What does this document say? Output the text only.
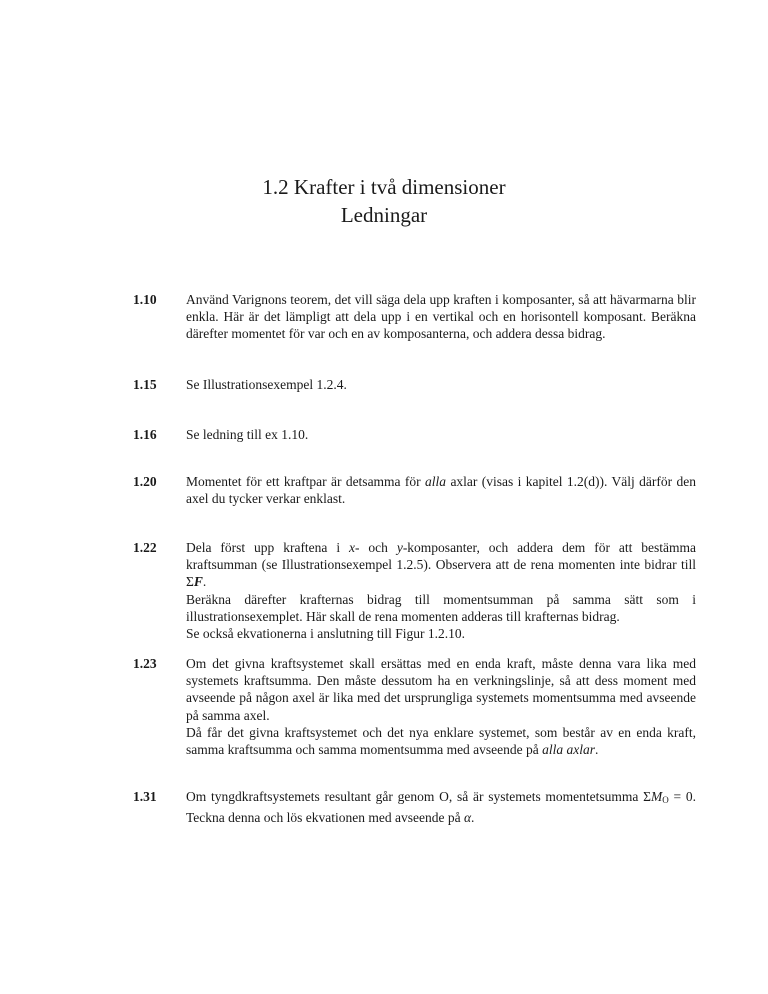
1.2 Krafter i två dimensioner
Ledningar
1.10 Använd Varignons teorem, det vill säga dela upp kraften i komposanter, så att hävarmarna blir enkla. Här är det lämpligt att dela upp i en vertikal och en horisontell komposant. Beräkna därefter momentet för var och en av komposanterna, och addera dessa bidrag.

1.15 Se Illustrationsexempel 1.2.4.

1.16 Se ledning till ex 1.10.

1.20 Momentet för ett kraftpar är detsamma för alla axlar (visas i kapitel 1.2(d)). Välj därför den axel du tycker verkar enklast.

1.22 Dela först upp kraftena i x- och y-komposanter, och addera dem för att bestämma kraftsumman (se Illustrationsexempel 1.2.5). Observera att de rena momenten inte bidrar till ΣF.

Beräkna därefter krafternas bidrag till momentsumman på samma sätt som i illustrationsexemplet. Här skall de rena momenten adderas till krafternas bidrag.

Se också ekvationerna i anslutning till Figur 1.2.10.

1.23 Om det givna kraftsystemet skall ersättas med en enda kraft, måste denna vara lika med systemets kraftsumma. Den måste dessutom ha en verkningslinje, så att dess moment med avseende på någon axel är lika med det ursprungliga systemets momentsumma med avseende på samma axel.

Då får det givna kraftsystemet och det nya enklare systemet, som består av en enda kraft, samma kraftsumma och samma momentsumma med avseende på alla axlar.

1.31 Om tyngdkraftsystemets resultant går genom O, så är systemets momentetsumma $\Sigma M_O = 0$. Teckna denna och lös ekvationen med avseende på α.
